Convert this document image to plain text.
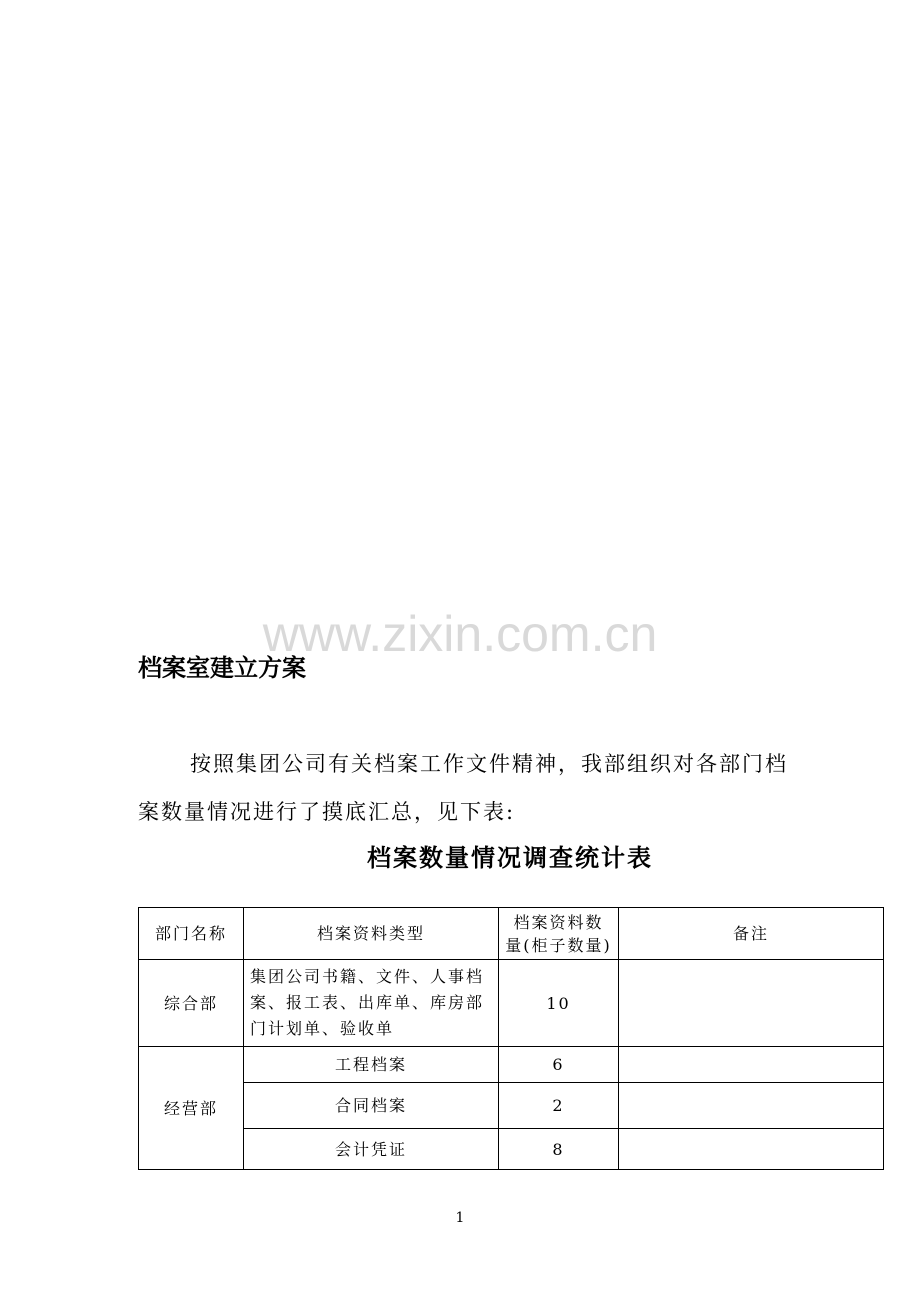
www.zixin.com.cn
档案室建立方案

按照集团公司有关档案工作文件精神，我部组织对各部门档案数量情况进行了摸底汇总，见下表:

档案数量情况调查统计表
部门名称	档案资料类型	档案资料数量(柜子数量)	备注
综合部	集团公司书籍、文件、人事档案、报工表、出库单、库房部门计划单、验收单	10	
经营部	工程档案	6	
	合同档案	2	
	会计凭证	8	
1
